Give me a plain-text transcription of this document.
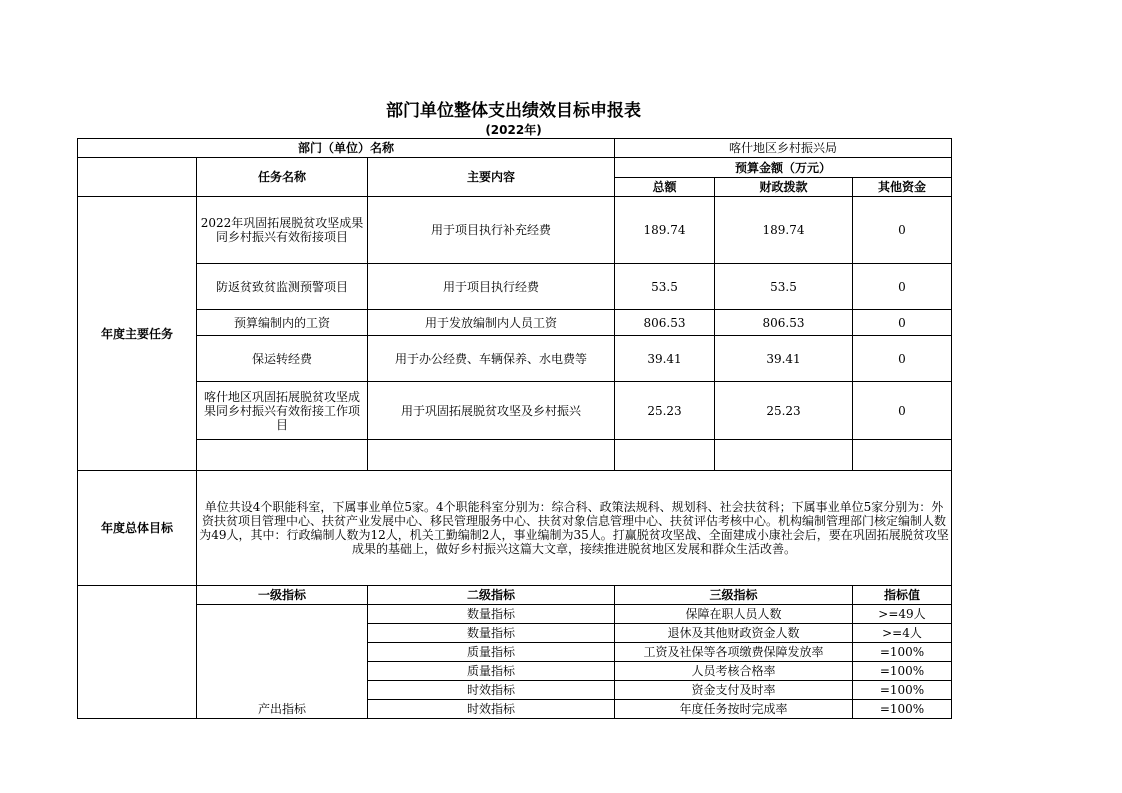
部门单位整体支出绩效目标申报表
(2022年)
部门（单位）名称			喀什地区乡村振兴局		
	任务名称	主要内容	预算金额（万元）		
			总额	财政拨款	其他资金
年度主要任务	2022年巩固拓展脱贫攻坚成果同乡村振兴有效衔接项目	用于项目执行补充经费	189.74	189.74	0
	防返贫致贫监测预警项目	用于项目执行经费	53.5	53.5	0
	预算编制内的工资	用于发放编制内人员工资	806.53	806.53	0
	保运转经费	用于办公经费、车辆保养、水电费等	39.41	39.41	0
	喀什地区巩固拓展脱贫攻坚成果同乡村振兴有效衔接工作项目	用于巩固拓展脱贫攻坚及乡村振兴	25.23	25.23	0

年度总体目标	单位共设4个职能科室，下属事业单位5家。4个职能科室分别为：综合科、政策法规科、规划科、社会扶贫科；下属事业单位5家分别为：外资扶贫项目管理中心、扶贫产业发展中心、移民管理服务中心、扶贫对象信息管理中心、扶贫评估考核中心。机构编制管理部门核定编制人数为49人，其中：行政编制人数为12人，机关工勤编制2人，事业编制为35人。打赢脱贫攻坚战、全面建成小康社会后，要在巩固拓展脱贫攻坚成果的基础上，做好乡村振兴这篇大文章，接续推进脱贫地区发展和群众生活改善。				
	一级指标	二级指标	三级指标		指标值
	产出指标	数量指标	保障在职人员人数		>=49人
		数量指标	退休及其他财政资金人数		>=4人
		质量指标	工资及社保等各项缴费保障发放率		=100%
		质量指标	人员考核合格率		=100%
		时效指标	资金支付及时率		=100%
		时效指标	年度任务按时完成率		=100%
